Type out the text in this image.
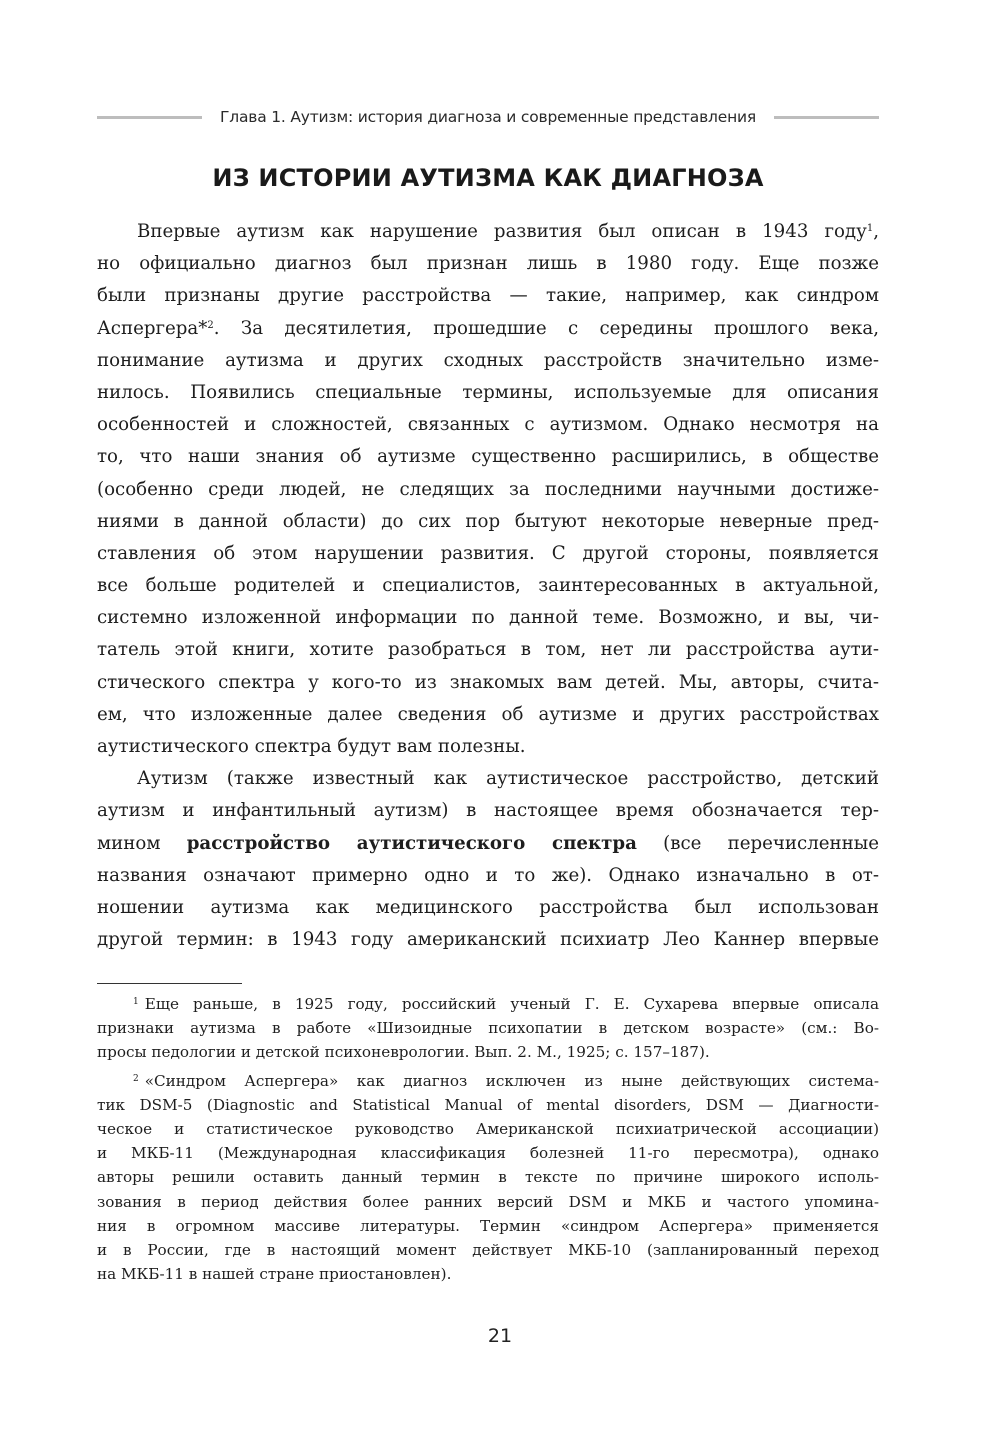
Глава 1. Аутизм: история диагноза и современные представления
ИЗ ИСТОРИИ АУТИЗМА КАК ДИАГНОЗА
Впервые аутизм как нарушение развития был описан в 1943 году$^1$,
но официально диагноз был признан лишь в 1980 году. Еще позже
были признаны другие расстройства — такие, например, как синдром
Аспергера*$^2$. За десятилетия, прошедшие с середины прошлого века,
понимание аутизма и других сходных расстройств значительно изме-
нилось. Появились специальные термины, используемые для описания
особенностей и сложностей, связанных с аутизмом. Однако несмотря на
то, что наши знания об аутизме существенно расширились, в обществе
(особенно среди людей, не следящих за последними научными достиже-
ниями в данной области) до сих пор бытуют некоторые неверные пред-
ставления об этом нарушении развития. С другой стороны, появляется
все больше родителей и специалистов, заинтересованных в актуальной,
системно изложенной информации по данной теме. Возможно, и вы, чи-
татель этой книги, хотите разобраться в том, нет ли расстройства аути-
стического спектра у кого-то из знакомых вам детей. Мы, авторы, счита-
ем, что изложенные далее сведения об аутизме и других расстройствах
аутистического спектра будут вам полезны.
Аутизм (также известный как аутистическое расстройство, детский
аутизм и инфантильный аутизм) в настоящее время обозначается тер-
мином расстройство аутистического спектра (все перечисленные
названия означают примерно одно и то же). Однако изначально в от-
ношении аутизма как медицинского расстройства был использован
другой термин: в 1943 году американский психиатр Лео Каннер впервые
$^1$ Еще раньше, в 1925 году, российский ученый Г. Е. Сухарева впервые описала
признаки аутизма в работе «Шизоидные психопатии в детском возрасте» (см.: Во-
просы педологии и детской психоневрологии. Вып. 2. М., 1925; с. 157–187).
$^2$ «Синдром Аспергера» как диагноз исключен из ныне действующих система-
тик DSM-5 (Diagnostic and Statistical Manual of mental disorders, DSM — Диагности-
ческое и статистическое руководство Американской психиатрической ассоциации)
и МКБ-11 (Международная классификация болезней 11-го пересмотра), однако
авторы решили оставить данный термин в тексте по причине широкого исполь-
зования в период действия более ранних версий DSM и МКБ и частого упомина-
ния в огромном массиве литературы. Термин «синдром Аспергера» применяется
и в России, где в настоящий момент действует МКБ-10 (запланированный переход
на МКБ-11 в нашей стране приостановлен).
21
